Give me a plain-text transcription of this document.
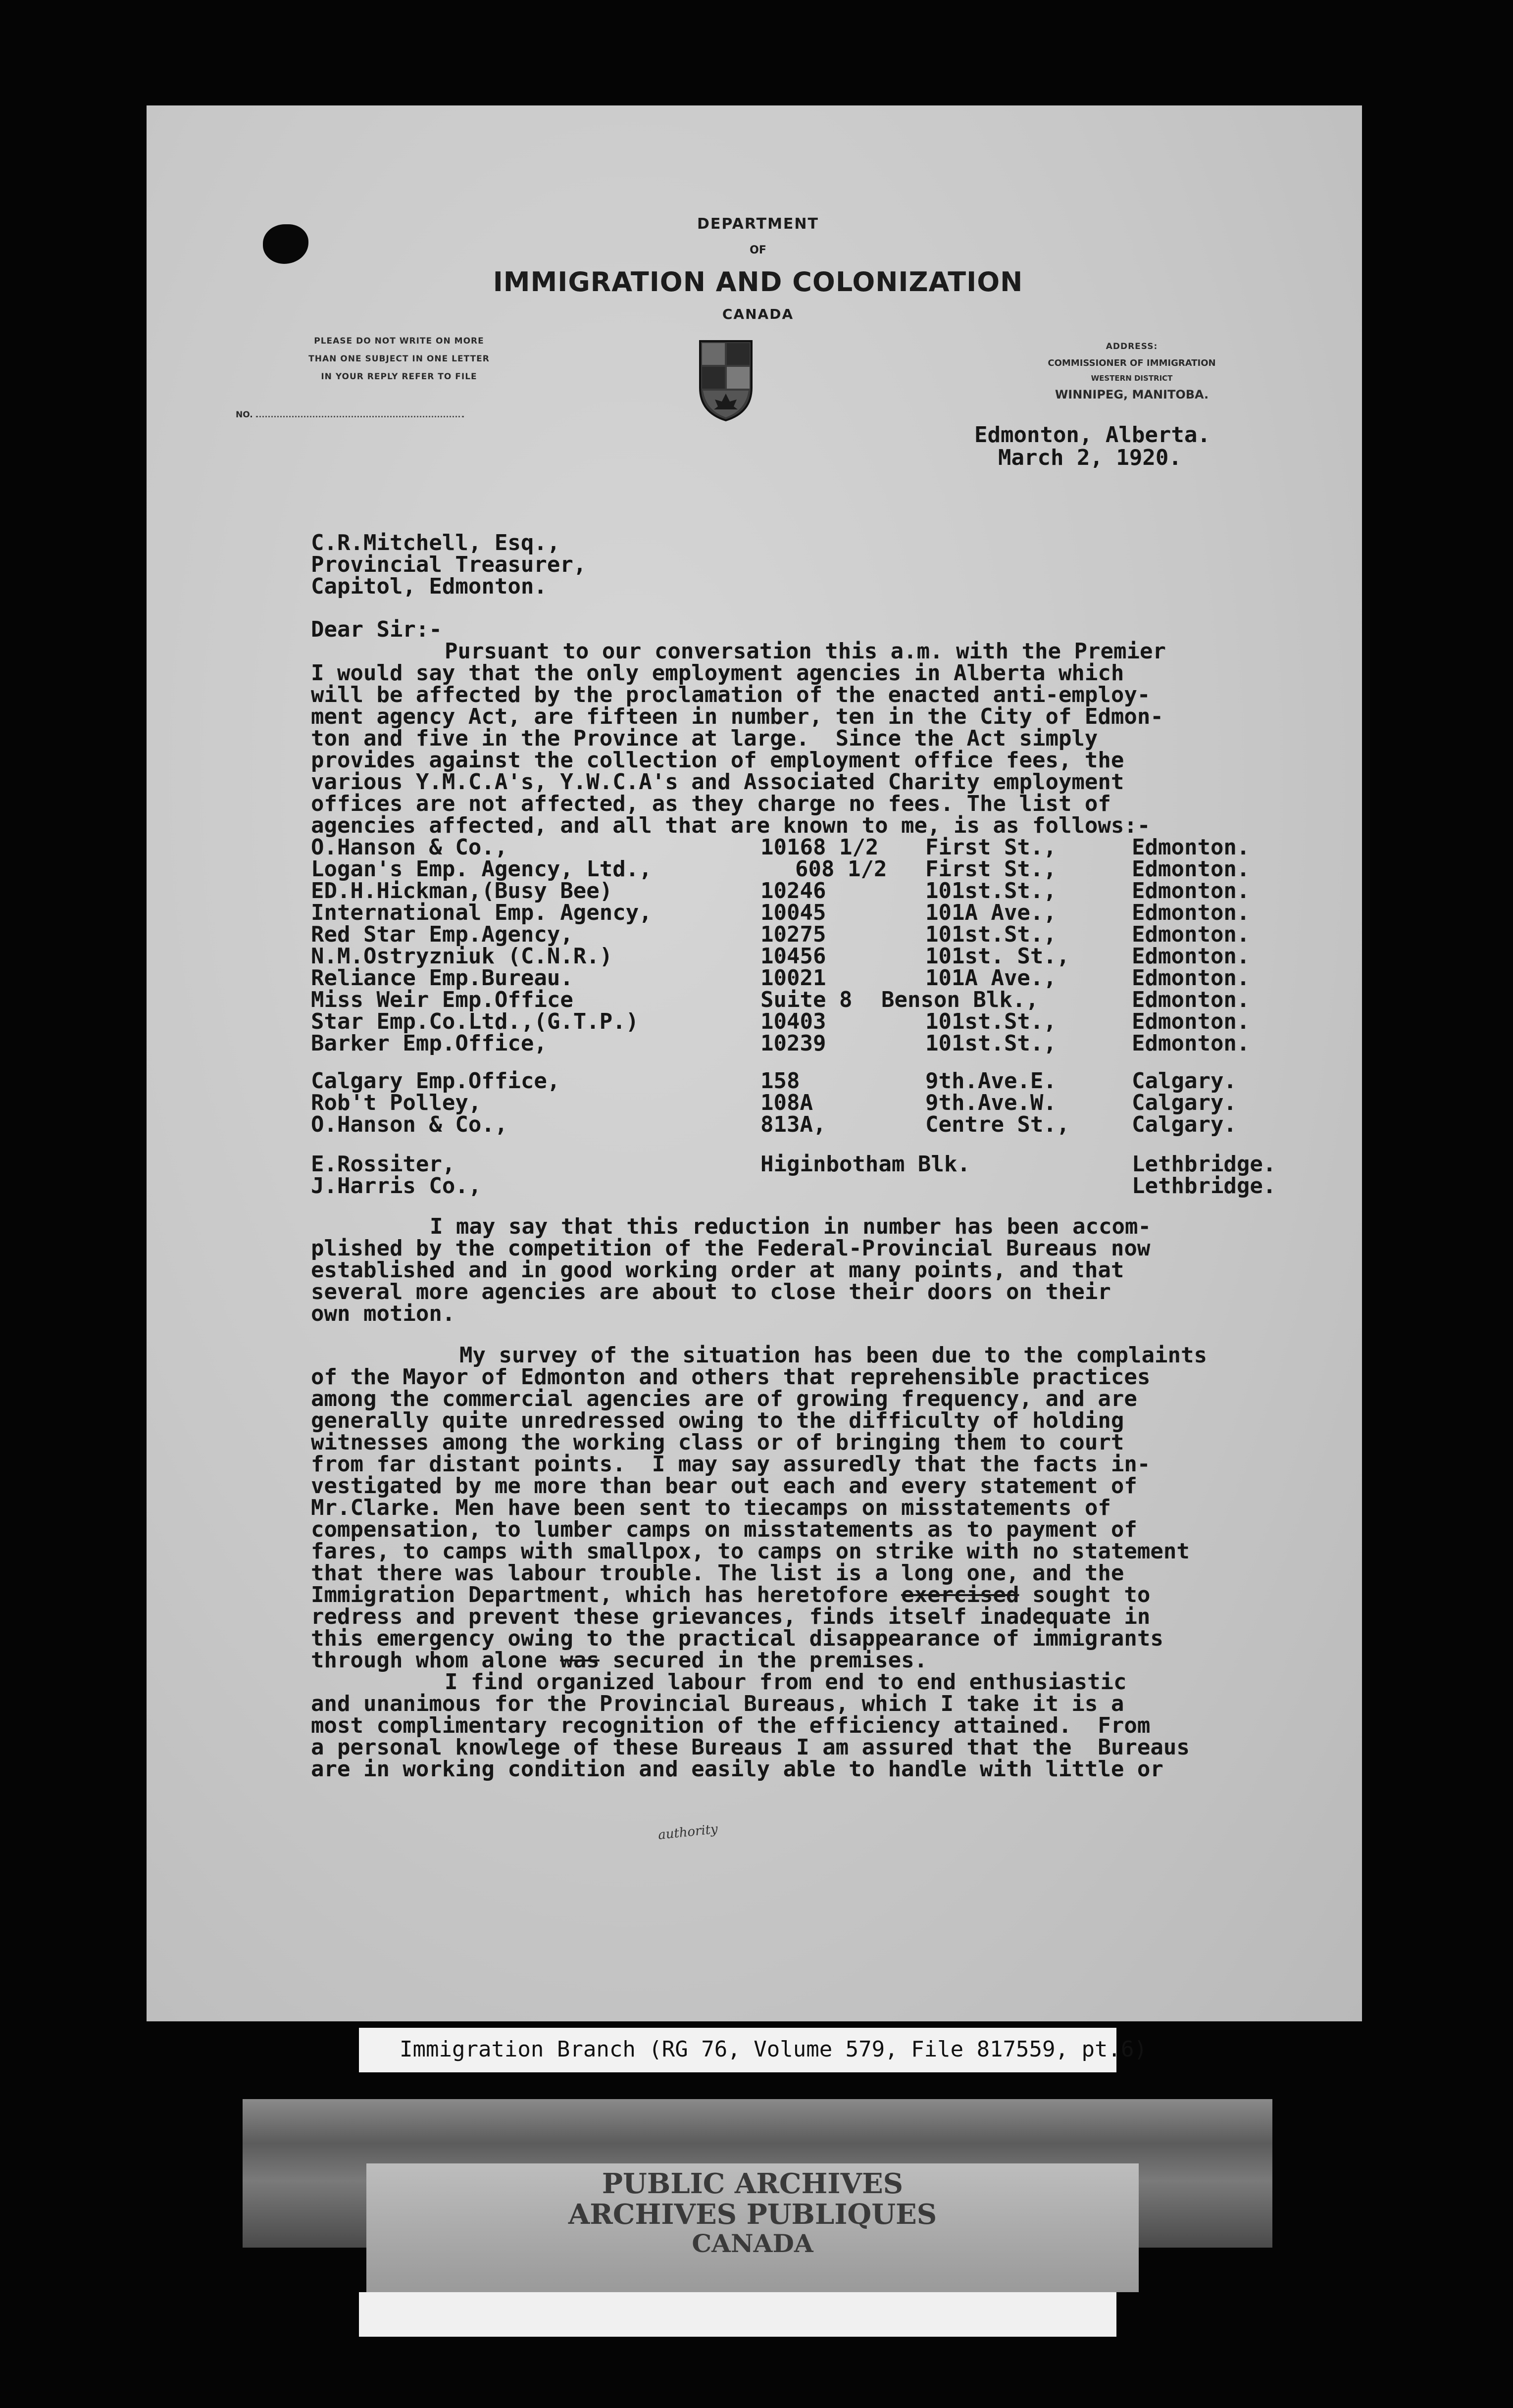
DEPARTMENT
OF
IMMIGRATION AND COLONIZATION
CANADA
PLEASE DO NOT WRITE ON MORE
THAN ONE SUBJECT IN ONE LETTER
IN YOUR REPLY REFER TO FILE
NO.
ADDRESS:
COMMISSIONER OF IMMIGRATION
WESTERN DISTRICT
WINNIPEG, MANITOBA.
Edmonton, Alberta.
March 2, 1920.
C.R.Mitchell, Esq.,
Provincial Treasurer,
Capitol, Edmonton.
Dear Sir:-
Pursuant to our conversation this a.m. with the Premier
I would say that the only employment agencies in Alberta which
will be affected by the proclamation of the enacted anti-employ-
ment agency Act, are fifteen in number, ten in the City of Edmon-
ton and five in the Province at large.  Since the Act simply
provides against the collection of employment office fees, the
various Y.M.C.A's, Y.W.C.A's and Associated Charity employment
offices are not affected, as they charge no fees. The list of
agencies affected, and all that are known to me, is as follows:-
O.Hanson & Co.,	10168 1/2 First St.,	Edmonton.
Logan's Emp. Agency, Ltd.,	608 1/2 First St.,	Edmonton.
ED.H.Hickman,(Busy Bee)	10246	101st.St.,	Edmonton.
International Emp. Agency,	10045	101A Ave.,	Edmonton.
Red Star Emp.Agency,	10275	101st.St.,	Edmonton.
N.M.Ostryzniuk (C.N.R.)	10456	101st. St.,	Edmonton.
Reliance Emp.Bureau.	10021	101A Ave.,	Edmonton.
Miss Weir Emp.Office	Suite 8 Benson Blk.,	Edmonton.
Star Emp.Co.Ltd.,(G.T.P.)	10403	101st.St.,	Edmonton.
Barker Emp.Office,	10239	101st.St.,	Edmonton.
Calgary Emp.Office,	158	9th.Ave.E.	Calgary.
Rob't Polley,	108A	9th.Ave.W.	Calgary.
O.Hanson & Co.,	813A,	Centre St.,	Calgary.
E.Rossiter,	Higinbotham Blk.	Lethbridge.
J.Harris Co.,	Lethbridge.
I may say that this reduction in number has been accom-
plished by the competition of the Federal-Provincial Bureaus now
established and in good working order at many points, and that
several more agencies are about to close their doors on their
own motion.
My survey of the situation has been due to the complaints
of the Mayor of Edmonton and others that reprehensible practices
among the commercial agencies are of growing frequency, and are
generally quite unredressed owing to the difficulty of holding
witnesses among the working class or of bringing them to court
from far distant points.  I may say assuredly that the facts in-
vestigated by me more than bear out each and every statement of
Mr.Clarke. Men have been sent to tiecamps on misstatements of
compensation, to lumber camps on misstatements as to payment of
fares, to camps with smallpox, to camps on strike with no statement
that there was labour trouble. The list is a long one, and the
Immigration Department, which has heretofore exercised sought to
redress and prevent these grievances, finds itself inadequate in
this emergency owing to the practical disappearance of immigrants
through whom alone was secured in the premises.
authority
I find organized labour from end to end enthusiastic
and unanimous for the Provincial Bureaus, which I take it is a
most complimentary recognition of the efficiency attained.  From
a personal knowlege of these Bureaus I am assured that the  Bureaus
are in working condition and easily able to handle with little or
Immigration Branch (RG 76, Volume 579, File 817559, pt.6)
PUBLIC ARCHIVES
ARCHIVES PUBLIQUES
CANADA
